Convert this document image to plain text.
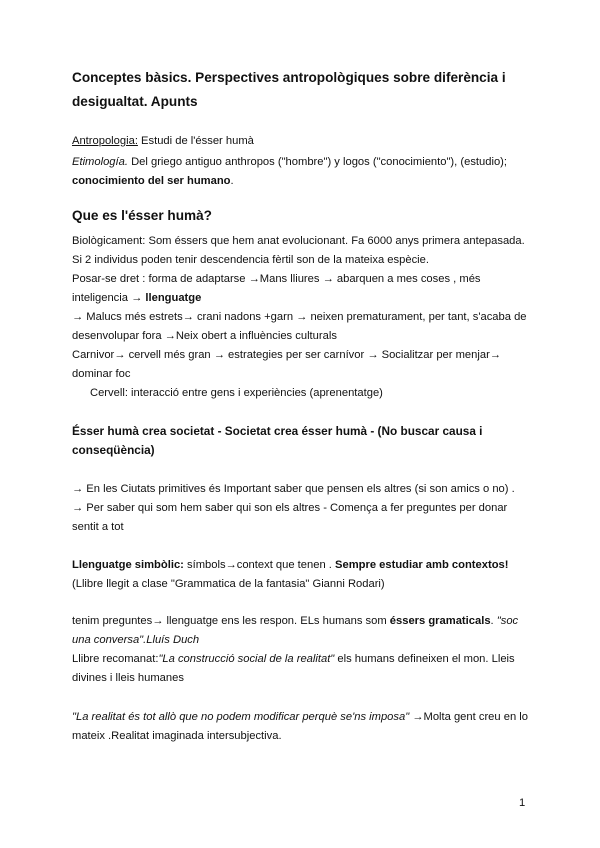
Conceptes bàsics. Perspectives antropològiques sobre diferència i
desigualtat. Apunts
Antropologia: Estudi de l'ésser humà
Etimología. Del griego antiguo anthropos ("hombre") y logos ("conocimiento"), (estudio);
conocimiento del ser humano.
Que es l'ésser humà?
Biològicament: Som éssers que hem anat evolucionant. Fa 6000 anys primera antepasada.
Si 2 individus poden tenir descendencia fèrtil son de la mateixa espècie.
Posar-se dret : forma de adaptarse →Mans lliures → abarquen a mes coses , més
inteligencia → llenguatge
→ Malucs més estrets→ crani nadons +garn → neixen prematurament, per tant, s'acaba de
desenvolupar fora →Neix obert a influències culturals
Carnivor→ cervell més gran → estrategies per ser carnívor → Socialitzar per menjar→
dominar foc
Cervell: interacció entre gens i experiències (aprenentatge)
Ésser humà crea societat - Societat crea ésser humà - (No buscar causa i
conseqüència)
→ En les Ciutats primitives és Important saber que pensen els altres (si son amics o no) .
→ Per saber qui som hem saber qui son els altres - Comença a fer preguntes per donar
sentit a tot
Llenguatge simbòlic: símbols→context que tenen . Sempre estudiar amb contextos!
(Llibre llegit a clase "Grammatica de la fantasia" Gianni Rodari)
tenim preguntes→ llenguatge ens les respon. ELs humans som éssers gramaticals. "soc
una conversa".Lluís Duch
Llibre recomanat:"La construcció social de la realitat" els humans defineixen el mon. Lleis
divines i lleis humanes
"La realitat és tot allò que no podem modificar perquè se'ns imposa" →Molta gent creu en lo
mateix .Realitat imaginada intersubjectiva.
1
